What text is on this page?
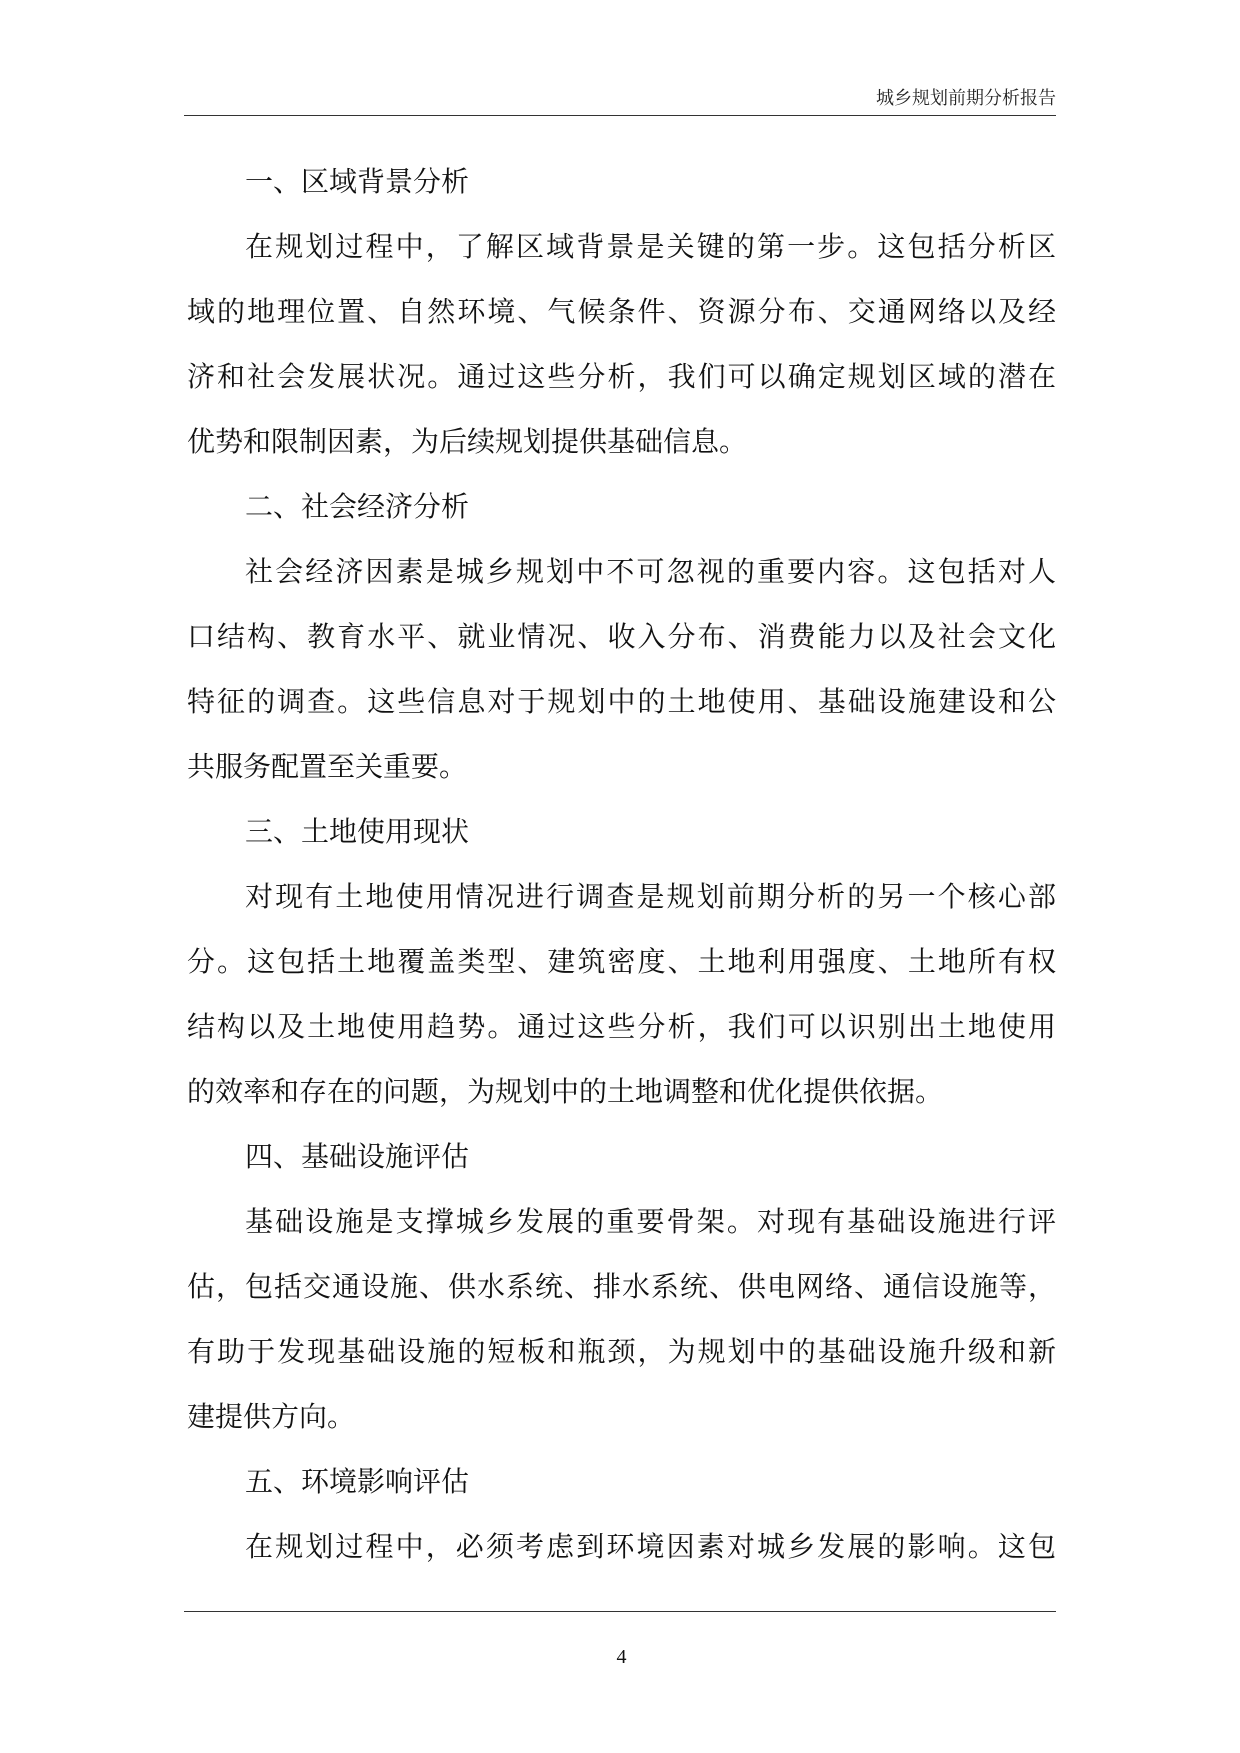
城乡规划前期分析报告
一、区域背景分析
在规划过程中，了解区域背景是关键的第一步。这包括分析区
域的地理位置、自然环境、气候条件、资源分布、交通网络以及经
济和社会发展状况。通过这些分析，我们可以确定规划区域的潜在
优势和限制因素，为后续规划提供基础信息。
二、社会经济分析
社会经济因素是城乡规划中不可忽视的重要内容。这包括对人
口结构、教育水平、就业情况、收入分布、消费能力以及社会文化
特征的调查。这些信息对于规划中的土地使用、基础设施建设和公
共服务配置至关重要。
三、土地使用现状
对现有土地使用情况进行调查是规划前期分析的另一个核心部
分。这包括土地覆盖类型、建筑密度、土地利用强度、土地所有权
结构以及土地使用趋势。通过这些分析，我们可以识别出土地使用
的效率和存在的问题，为规划中的土地调整和优化提供依据。
四、基础设施评估
基础设施是支撑城乡发展的重要骨架。对现有基础设施进行评
估，包括交通设施、供水系统、排水系统、供电网络、通信设施等，
有助于发现基础设施的短板和瓶颈，为规划中的基础设施升级和新
建提供方向。
五、环境影响评估
在规划过程中，必须考虑到环境因素对城乡发展的影响。这包
4
